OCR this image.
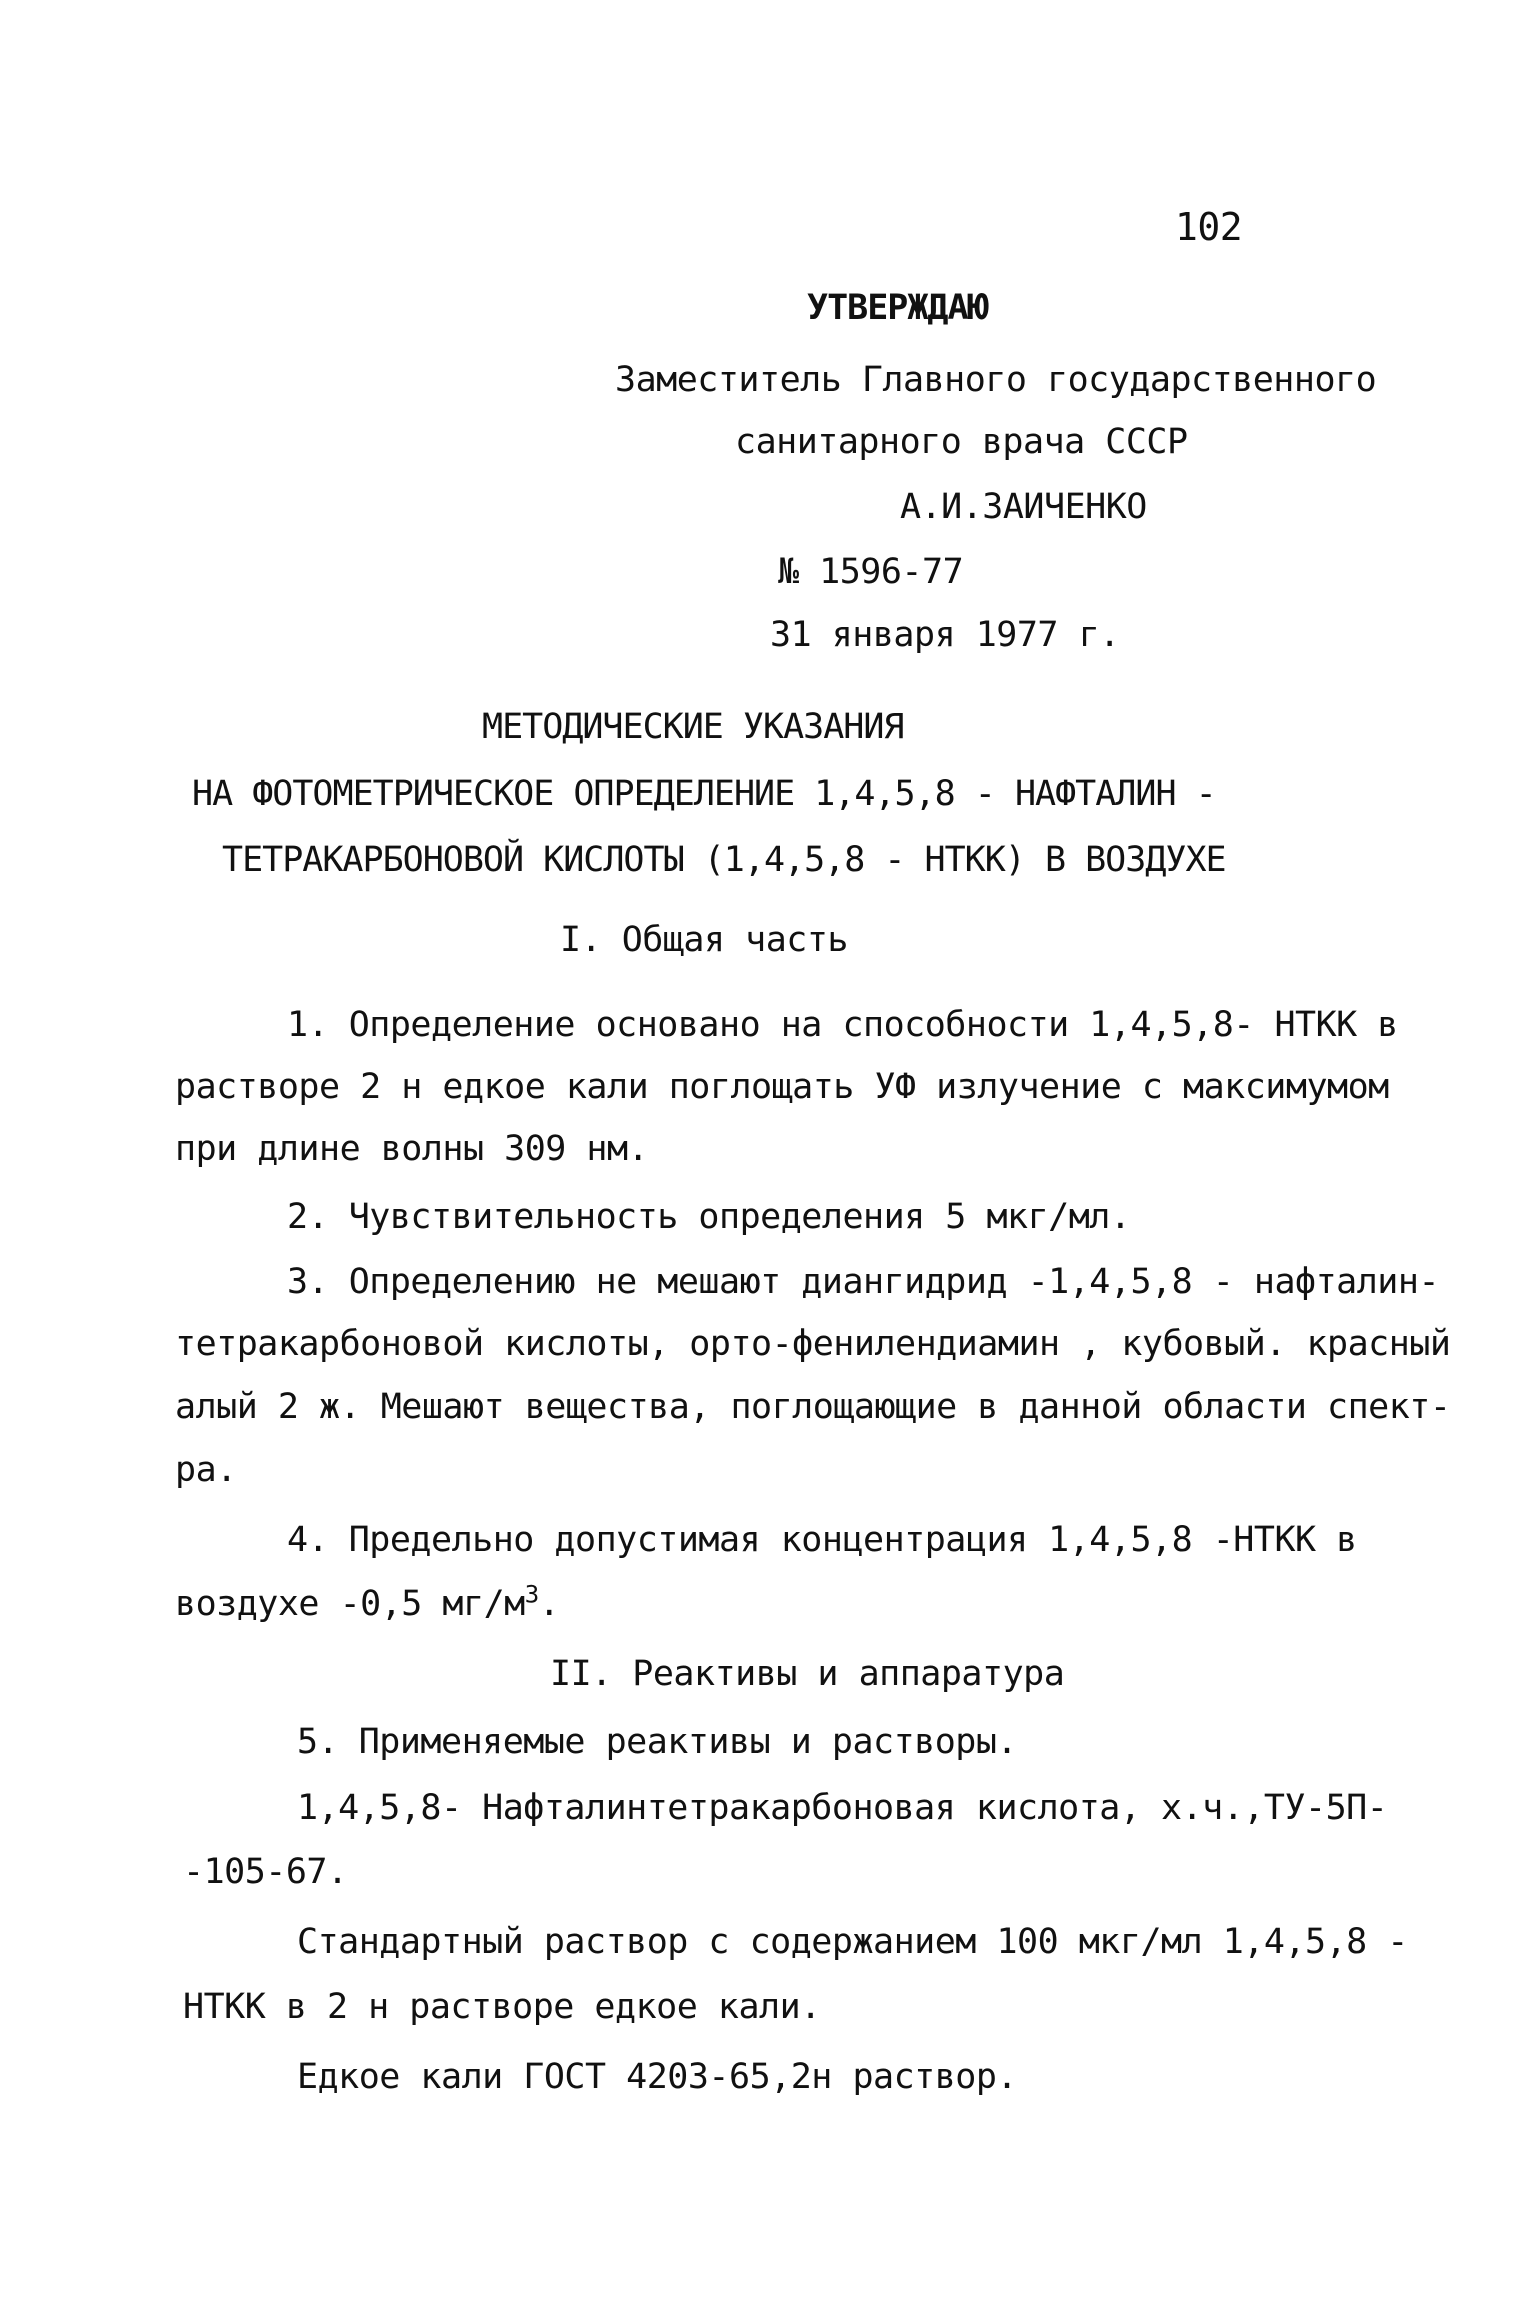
102
УТВЕРЖДАЮ
Заместитель Главного государственного
санитарного врача СССР
А.И.ЗАИЧЕНКО
№ 1596-77
31 января 1977 г.
МЕТОДИЧЕСКИЕ УКАЗАНИЯ
НА ФОТОМЕТРИЧЕСКОЕ ОПРЕДЕЛЕНИЕ 1,4,5,8 - НАФТАЛИН -
ТЕТРАКАРБОНОВОЙ КИСЛОТЫ (1,4,5,8 - НТКК) В ВОЗДУХЕ
I. Общая часть
1. Определение основано на способности 1,4,5,8- НТКК в
растворе 2 н едкое кали поглощать УФ излучение с максимумом
при длине волны 309 нм.
2. Чувствительность определения 5 мкг/мл.
3. Определению не мешают диангидрид -1,4,5,8 - нафталин-
тетракарбоновой кислоты, орто-фенилендиамин , кубовый. красный
алый 2 ж. Мешают вещества, поглощающие в данной области спект-
ра.
4. Предельно допустимая концентрация 1,4,5,8 -НТКК в
воздухе -0,5 $мг/м^3$.
II. Реактивы и аппаратура
5. Применяемые реактивы и растворы.
1,4,5,8- Нафталинтетракарбоновая кислота, х.ч.,ТУ-5П-
-105-67.
Стандартный раствор с содержанием 100 мкг/мл 1,4,5,8 -
НТКК в 2 н растворе едкое кали.
Едкое кали ГОСТ 4203-65,2н раствор.
